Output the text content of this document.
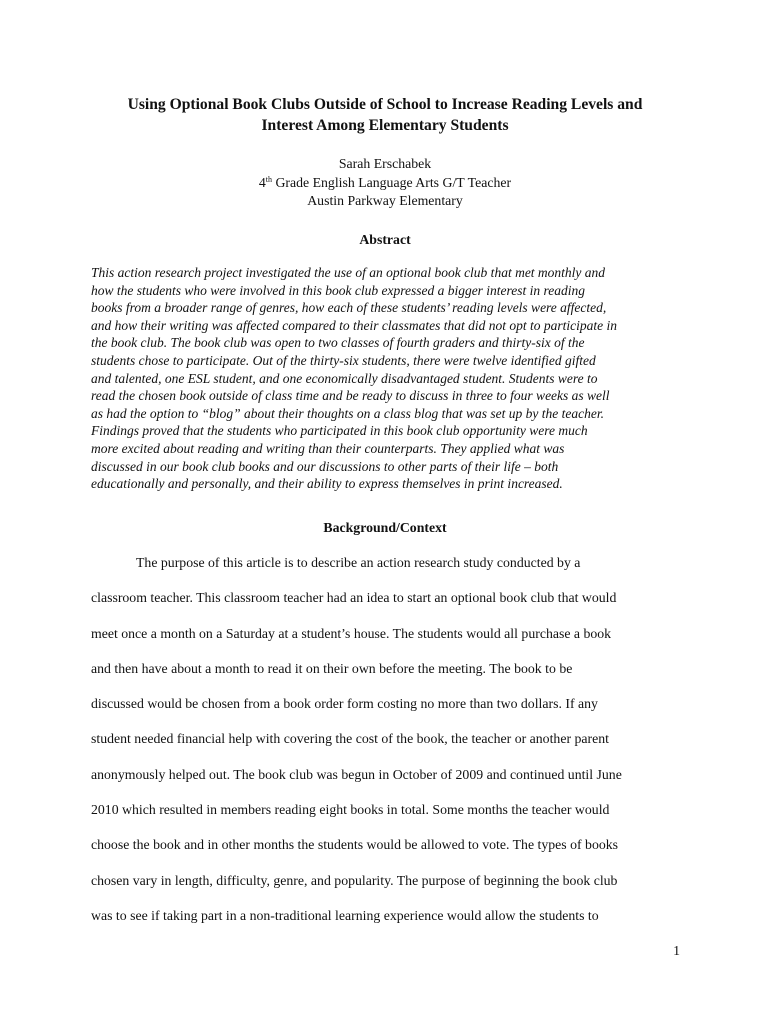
Using Optional Book Clubs Outside of School to Increase Reading Levels and
Interest Among Elementary Students
Sarah Erschabek
4th Grade English Language Arts G/T Teacher
Austin Parkway Elementary
Abstract
This action research project investigated the use of an optional book club that met monthly and
how the students who were involved in this book club expressed a bigger interest in reading
books from a broader range of genres, how each of these students’ reading levels were affected,
and how their writing was affected compared to their classmates that did not opt to participate in
the book club. The book club was open to two classes of fourth graders and thirty-six of the
students chose to participate. Out of the thirty-six students, there were twelve identified gifted
and talented, one ESL student, and one economically disadvantaged student. Students were to
read the chosen book outside of class time and be ready to discuss in three to four weeks as well
as had the option to “blog” about their thoughts on a class blog that was set up by the teacher.
Findings proved that the students who participated in this book club opportunity were much
more excited about reading and writing than their counterparts. They applied what was
discussed in our book club books and our discussions to other parts of their life – both
educationally and personally, and their ability to express themselves in print increased.
Background/Context
The purpose of this article is to describe an action research study conducted by a
classroom teacher. This classroom teacher had an idea to start an optional book club that would
meet once a month on a Saturday at a student’s house. The students would all purchase a book
and then have about a month to read it on their own before the meeting. The book to be
discussed would be chosen from a book order form costing no more than two dollars. If any
student needed financial help with covering the cost of the book, the teacher or another parent
anonymously helped out. The book club was begun in October of 2009 and continued until June
2010 which resulted in members reading eight books in total. Some months the teacher would
choose the book and in other months the students would be allowed to vote. The types of books
chosen vary in length, difficulty, genre, and popularity. The purpose of beginning the book club
was to see if taking part in a non-traditional learning experience would allow the students to
1
